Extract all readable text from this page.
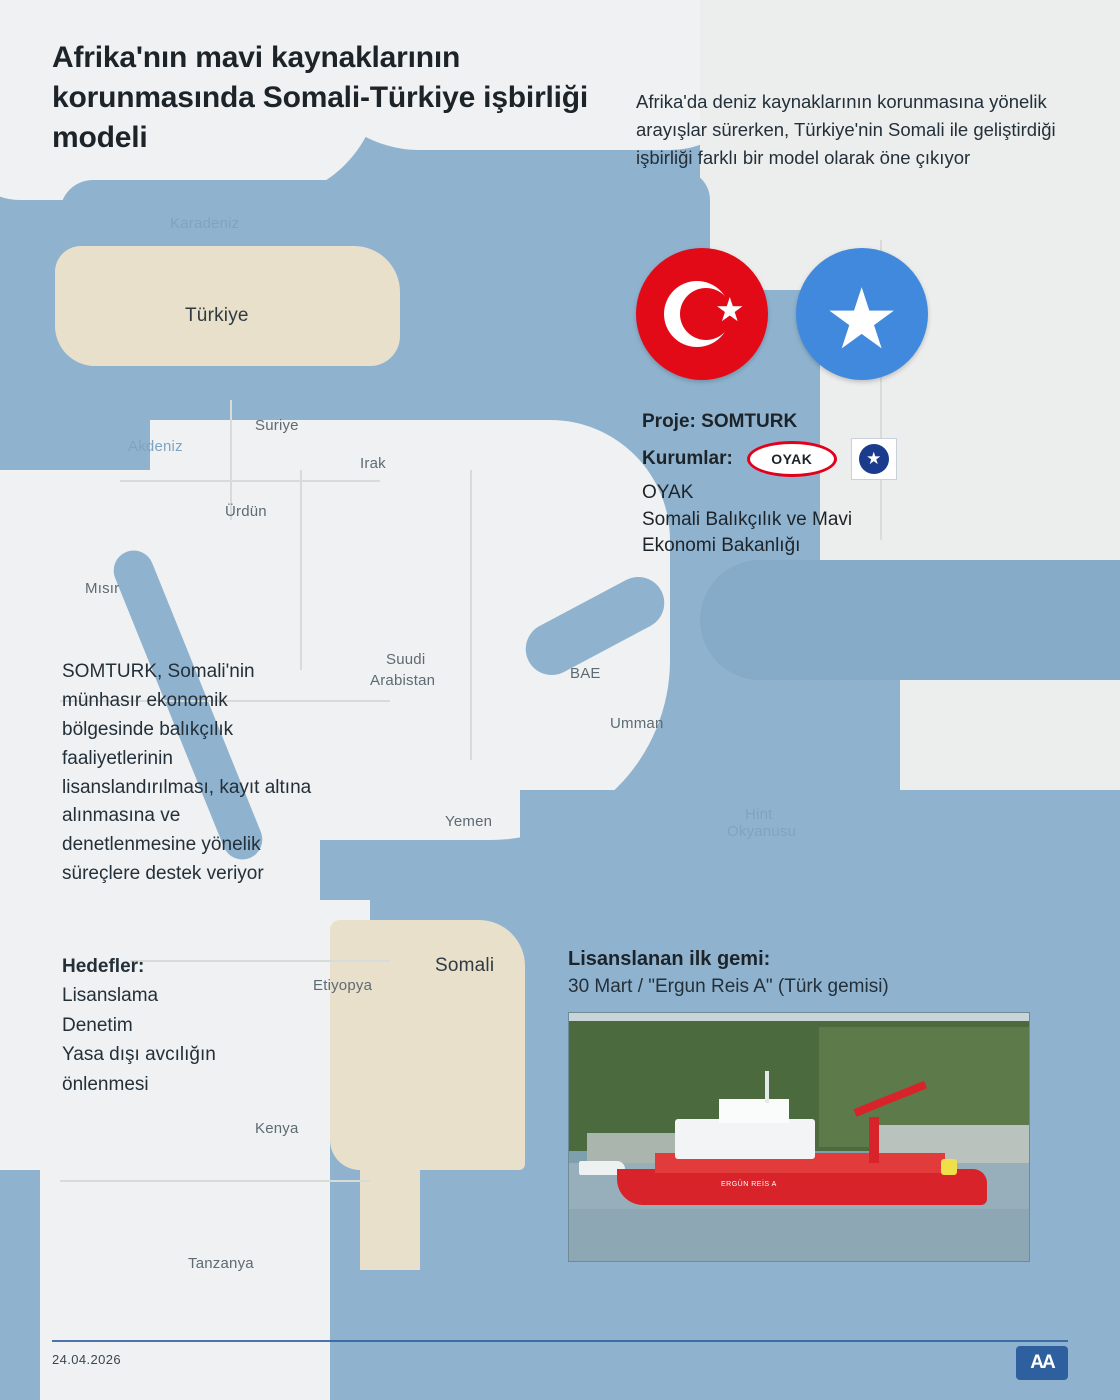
Karadeniz
Türkiye
Akdeniz
Suriye
Irak
Ürdün
Mısır
Suudi
Arabistan	BAE
Umman
Yemen	Hint
Okyanusu
Somali
Etiyopya
Kenya
Tanzanya
Afrika'nın mavi kaynaklarının korunmasında Somali-Türkiye işbirliği modeli
Afrika'da deniz kaynaklarının korunmasına yönelik arayışlar sürerken, Türkiye'nin Somali ile geliştirdiği işbirliği farklı bir model olarak öne çıkıyor
★ ★
Proje: SOMTURK
Kurumlar:	OYAK	★
OYAK
Somali Balıkçılık ve Mavi
Ekonomi Bakanlığı
SOMTURK, Somali'nin münhasır ekonomik bölgesinde balıkçılık faaliyetlerinin lisanslandırılması, kayıt altına alınmasına ve denetlenmesine yönelik süreçlere destek veriyor
Hedefler:
Lisanslama
Denetim
Yasa dışı avcılığın
önlenmesi
Lisanslanan ilk gemi:
30 Mart / "Ergun Reis A" (Türk gemisi)
ERGÜN REİS A
24.04.2026	AA
